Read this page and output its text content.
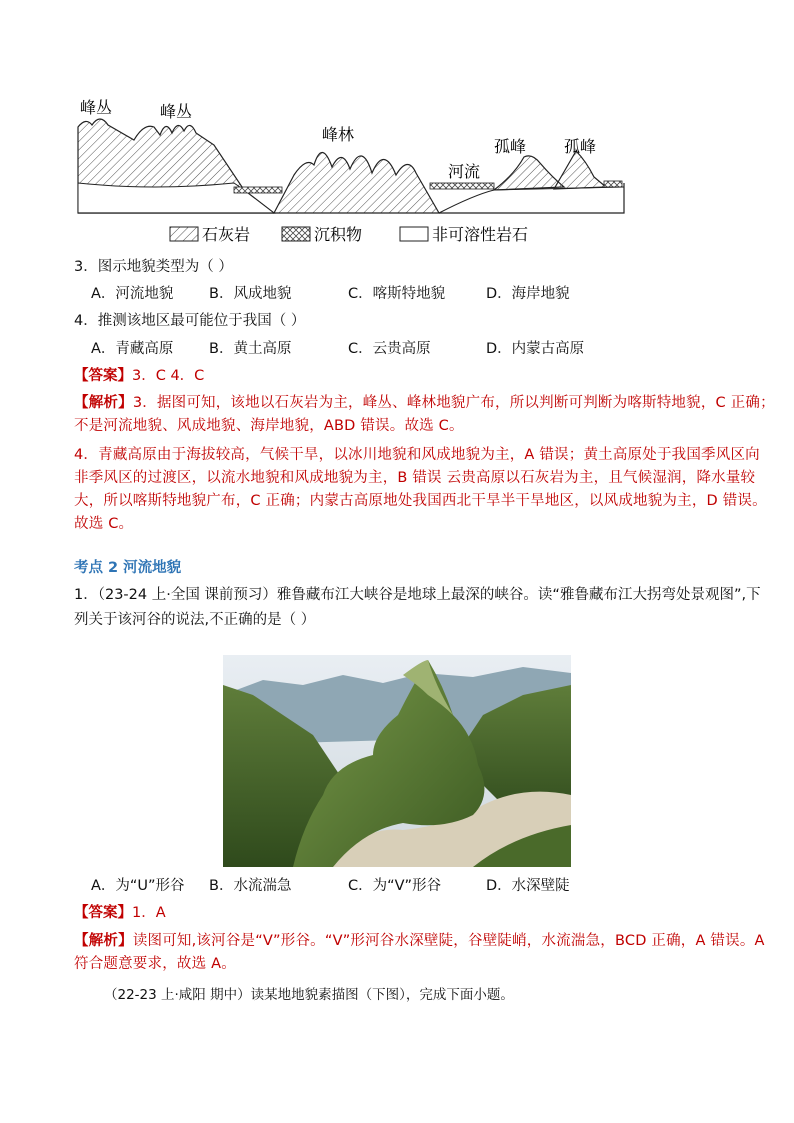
峰丛	峰丛
峰林
河流
孤峰 孤峰
石灰岩	沉积物	非可溶性岩石
3．图示地貌类型为（ ）
A．河流地貌 B．风成地貌	C．喀斯特地貌	D．海岸地貌
4．推测该地区最可能位于我国（ ）
A．青藏高原 B．黄土高原	C．云贵高原	D．内蒙古高原
【答案】3．C 4．C
【解析】3．据图可知，该地以石灰岩为主，峰丛、峰林地貌广布，所以判断可判断为喀斯特地貌，C 正确；
不是河流地貌、风成地貌、海岸地貌，ABD 错误。故选 C。
4．青藏高原由于海拔较高，气候干旱，以冰川地貌和风成地貌为主，A 错误；黄土高原处于我国季风区向
非季风区的过渡区，以流水地貌和风成地貌为主，B 错误 云贵高原以石灰岩为主，且气候湿润，降水量较
大，所以喀斯特地貌广布，C 正确；内蒙古高原地处我国西北干旱半干旱地区，以风成地貌为主，D 错误。
故选 C。
考点 2 河流地貌
1．（23-24 上·全国 课前预习）雅鲁藏布江大峡谷是地球上最深的峡谷。读“雅鲁藏布江大拐弯处景观图”,下
列关于该河谷的说法,不正确的是（ ）
A．为“U”形谷 B．水流湍急	C．为“V”形谷	D．水深壁陡
【答案】1．A
【解析】读图可知,该河谷是“V”形谷。“V”形河谷水深壁陡，谷壁陡峭，水流湍急，BCD 正确，A 错误。A
符合题意要求，故选 A。
（22-23 上·咸阳 期中）读某地地貌素描图（下图），完成下面小题。
